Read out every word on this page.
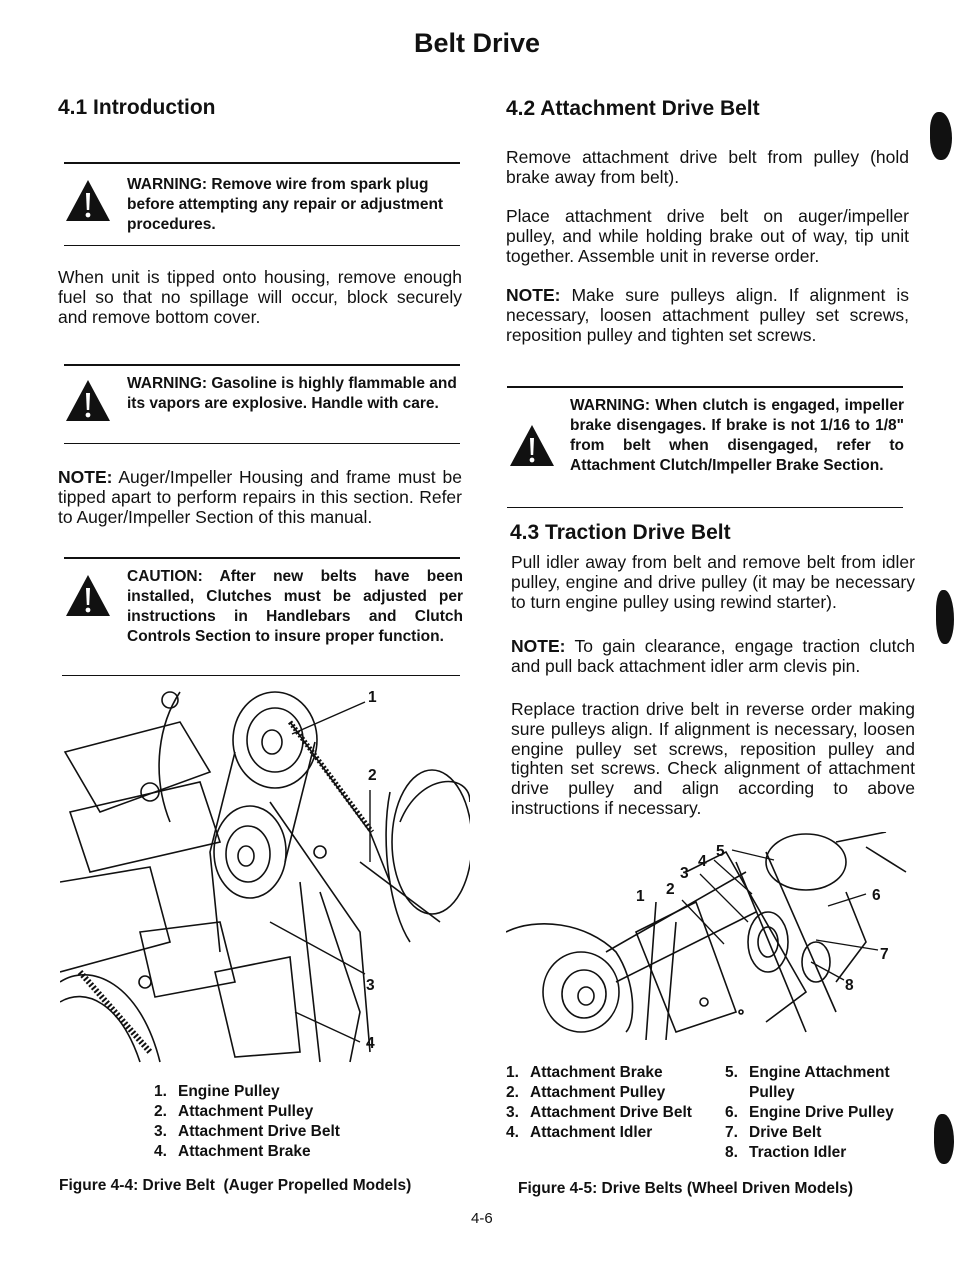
Belt Drive
4.1 Introduction
WARNING: Remove wire from spark plug before attempting any repair or adjustment procedures.
When unit is tipped onto housing, remove enough fuel so that no spillage will occur, block securely and remove bottom cover.
WARNING: Gasoline is highly flammable and its vapors are explosive. Handle with care.
NOTE: Auger/Impeller Housing and frame must be tipped apart to perform repairs in this section. Refer to Auger/Impeller Section of this manual.
CAUTION: After new belts have been installed, Clutches must be adjusted per instructions in Handlebars and Clutch Controls Section to insure proper function.
1
2
3
4
1. Engine Pulley
2. Attachment Pulley
3. Attachment Drive Belt
4. Attachment Brake
Figure 4-4: Drive Belt  (Auger Propelled Models)
4.2 Attachment Drive Belt
Remove attachment drive belt from pulley (hold brake away from belt).
Place attachment drive belt on auger/impeller pulley, and while holding brake out of way, tip unit together. Assemble unit in reverse order.
NOTE: Make sure pulleys align. If alignment is necessary, loosen attachment pulley set screws, reposition pulley and tighten set screws.
WARNING: When clutch is engaged, impeller brake disengages. If brake is not 1/16 to 1/8" from belt when disengaged, refer to Attachment Clutch/Impeller Brake Section.
4.3 Traction Drive Belt
Pull idler away from belt and remove belt from idler pulley, engine and drive pulley (it may be necessary to turn engine pulley using rewind starter).
NOTE: To gain clearance, engage traction clutch and pull back attachment idler arm clevis pin.
Replace traction drive belt in reverse order making sure pulleys align. If alignment is necessary, loosen engine pulley set screws, reposition pulley and tighten set screws. Check alignment of attachment drive pulley and align according to above instructions if necessary.
1 2
3
4
5
6
7
8
1. Attachment Brake
2. Attachment Pulley
3. Attachment Drive Belt
4. Attachment Idler
5. Engine Attachment
Pulley
6. Engine Drive Pulley
7. Drive Belt
8. Traction Idler
Figure 4-5: Drive Belts (Wheel Driven Models)
4-6
